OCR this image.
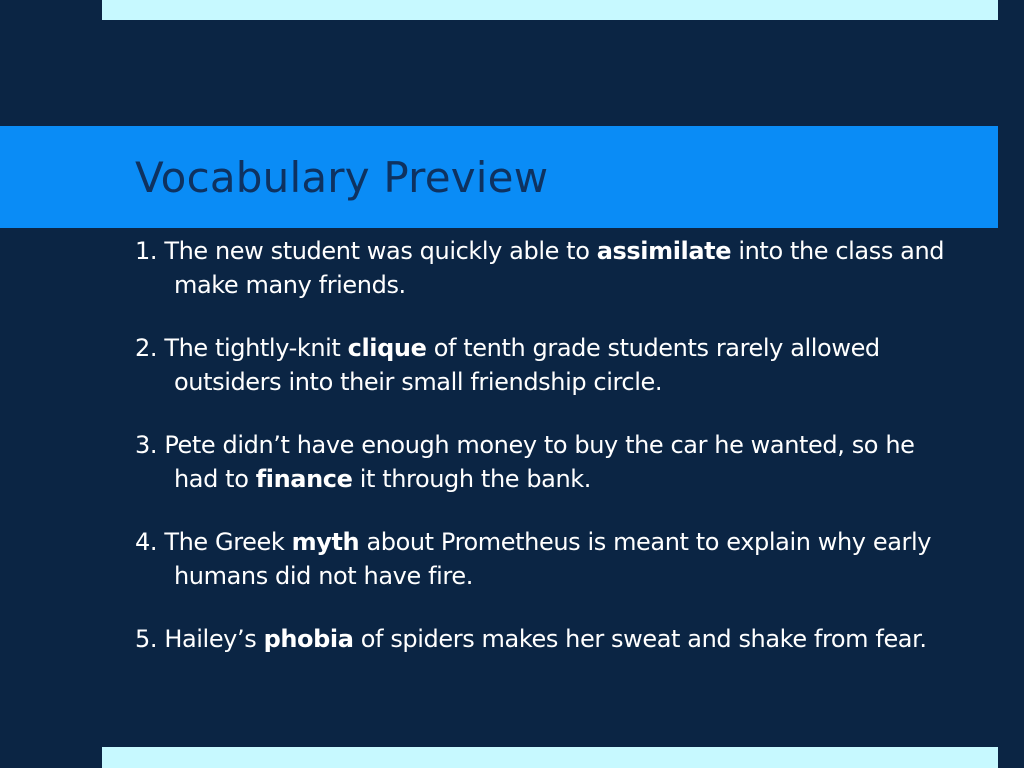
Vocabulary Preview
1. The new student was quickly able to assimilate into the class and make many friends.
2. The tightly-knit clique of tenth grade students rarely allowed outsiders into their small friendship circle.
3. Pete didn’t have enough money to buy the car he wanted, so he had to finance it through the bank.
4. The Greek myth about Prometheus is meant to explain why early humans did not have fire.
5. Hailey’s phobia of spiders makes her sweat and shake from fear.
